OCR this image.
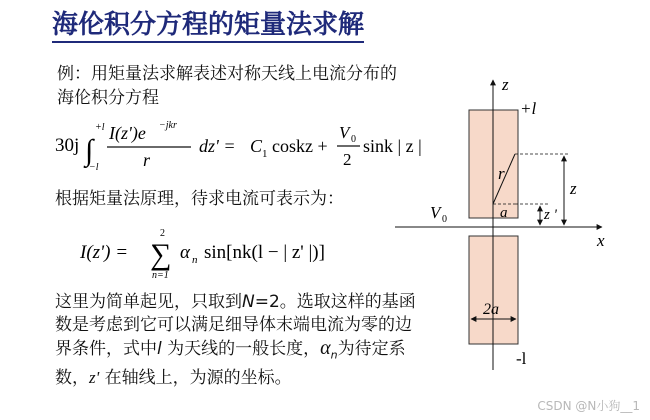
海伦积分方程的矩量法求解
例：用矩量法求解表述对称天线上电流分布的海伦积分方程
30j ∫
+l
−l
I(z')e −jkr
r
dz' = C 1 coskz +
V 0
2
sink | z |
根据矩量法原理，待求电流可表示为：
I(z') = ∑
2
n=1
α n sin[nk(l − | z' |)]
这里为简单起见，只取到N=2。选取这样的基函数是考虑到它可以满足细导体末端电流为零的边界条件，式中l 为天线的一般长度，$\alpha_n$为待定系数，z' 在轴线上，为源的坐标。
z
x
+l
-l
V 0
r
a
z
z '
2a
CSDN @N小狗__1
